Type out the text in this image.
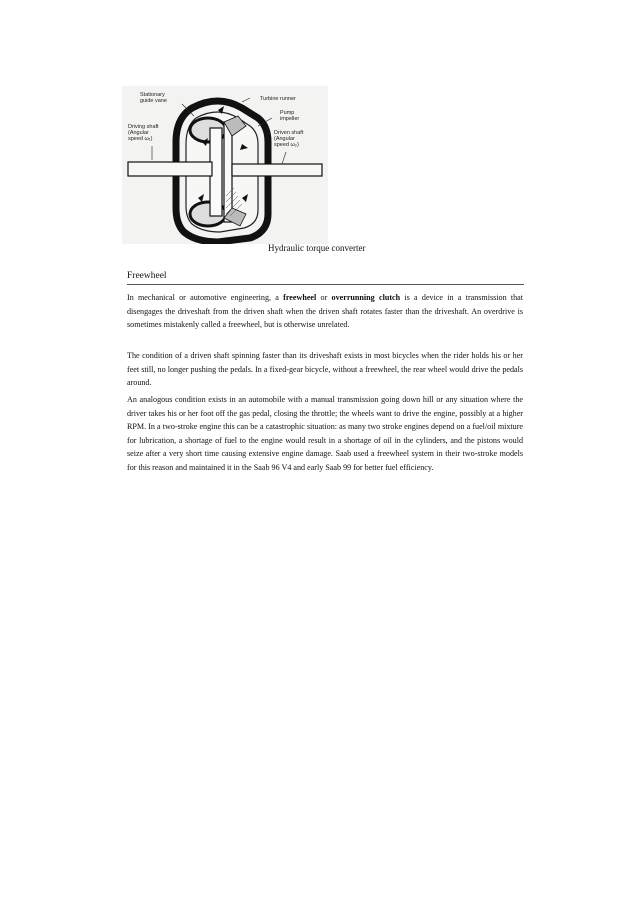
Stationary
guide vane	Turbine runner
Pump
impeller
Driving shaft
(Angular
speed ω₁)
Driven shaft
(Angular
speed ω₂)
Hydraulic torque converter
Freewheel

In mechanical or automotive engineering, a freewheel or overrunning clutch is a device in a transmission that disengages the driveshaft from the driven shaft when the driven shaft rotates faster than the driveshaft. An overdrive is sometimes mistakenly called a freewheel, but is otherwise unrelated.

The condition of a driven shaft spinning faster than its driveshaft exists in most bicycles when the rider holds his or her feet still, no longer pushing the pedals. In a fixed-gear bicycle, without a freewheel, the rear wheel would drive the pedals around.

An analogous condition exists in an automobile with a manual transmission going down hill or any situation where the driver takes his or her foot off the gas pedal, closing the throttle; the wheels want to drive the engine, possibly at a higher RPM. In a two-stroke engine this can be a catastrophic situation: as many two stroke engines depend on a fuel/oil mixture for lubrication, a shortage of fuel to the engine would result in a shortage of oil in the cylinders, and the pistons would seize after a very short time causing extensive engine damage. Saab used a freewheel system in their two-stroke models for this reason and maintained it in the Saab 96 V4 and early Saab 99 for better fuel efficiency.
